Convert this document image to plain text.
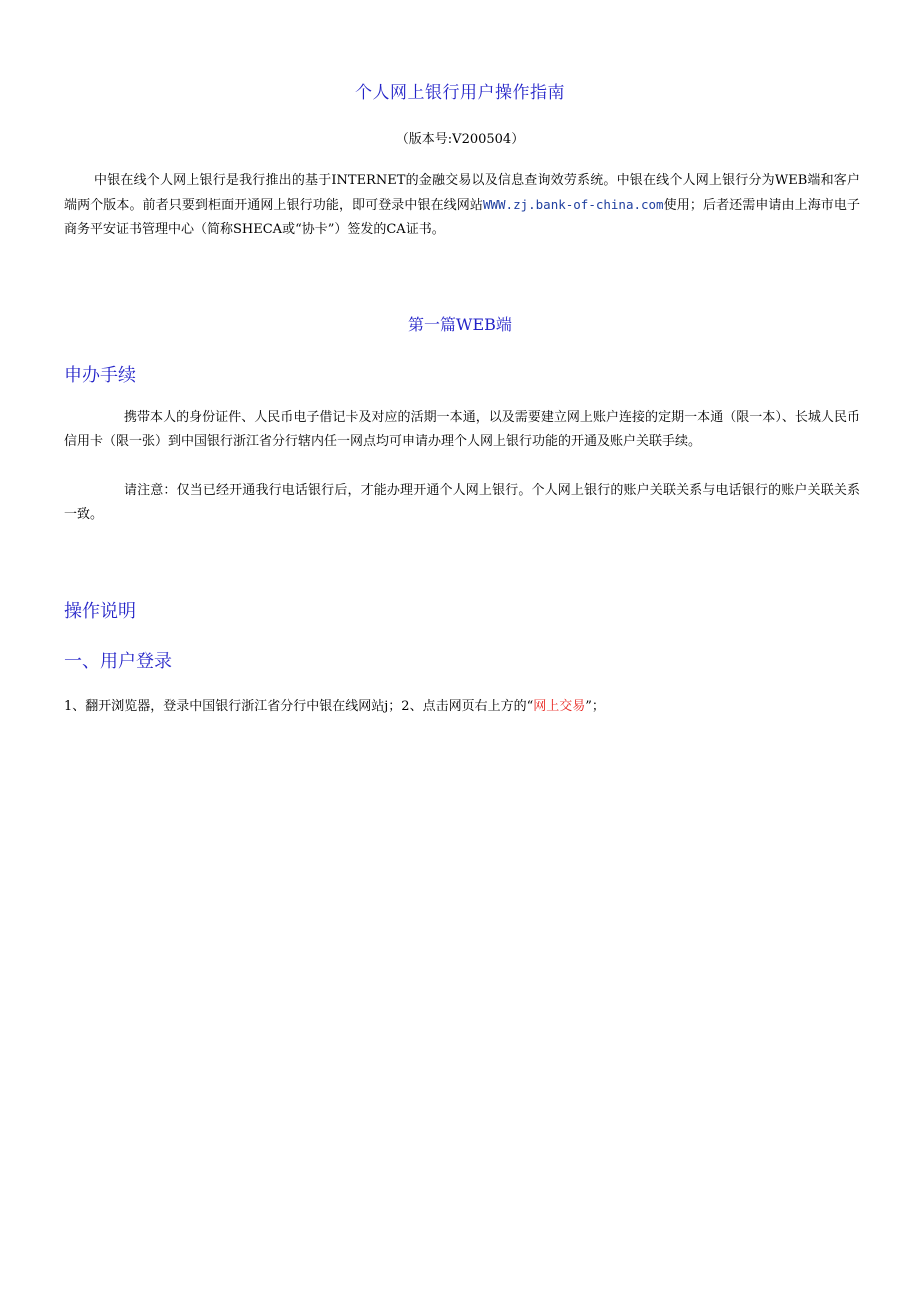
个人网上银行用户操作指南
（版本号:V200504）
中银在线个人网上银行是我行推出的基于INTERNET的金融交易以及信息查询效劳系统。中银在线个人网上银行分为WEB端和客户端两个版本。前者只要到柜面开通网上银行功能，即可登录中银在线网站WWW.zj.bank-of-china.com使用；后者还需申请由上海市电子商务平安证书管理中心（简称SHECA或“协卡”）签发的CA证书。
第一篇WEB端
申办手续
携带本人的身份证件、人民币电子借记卡及对应的活期一本通，以及需要建立网上账户连接的定期一本通（限一本）、长城人民币信用卡（限一张）到中国银行浙江省分行辖内任一网点均可申请办理个人网上银行功能的开通及账户关联手续。
请注意：仅当已经开通我行电话银行后，才能办理开通个人网上银行。个人网上银行的账户关联关系与电话银行的账户关联关系一致。
操作说明
一、用户登录
1、翻开浏览器，登录中国银行浙江省分行中银在线网站j；2、点击网页右上方的“网上交易”；
